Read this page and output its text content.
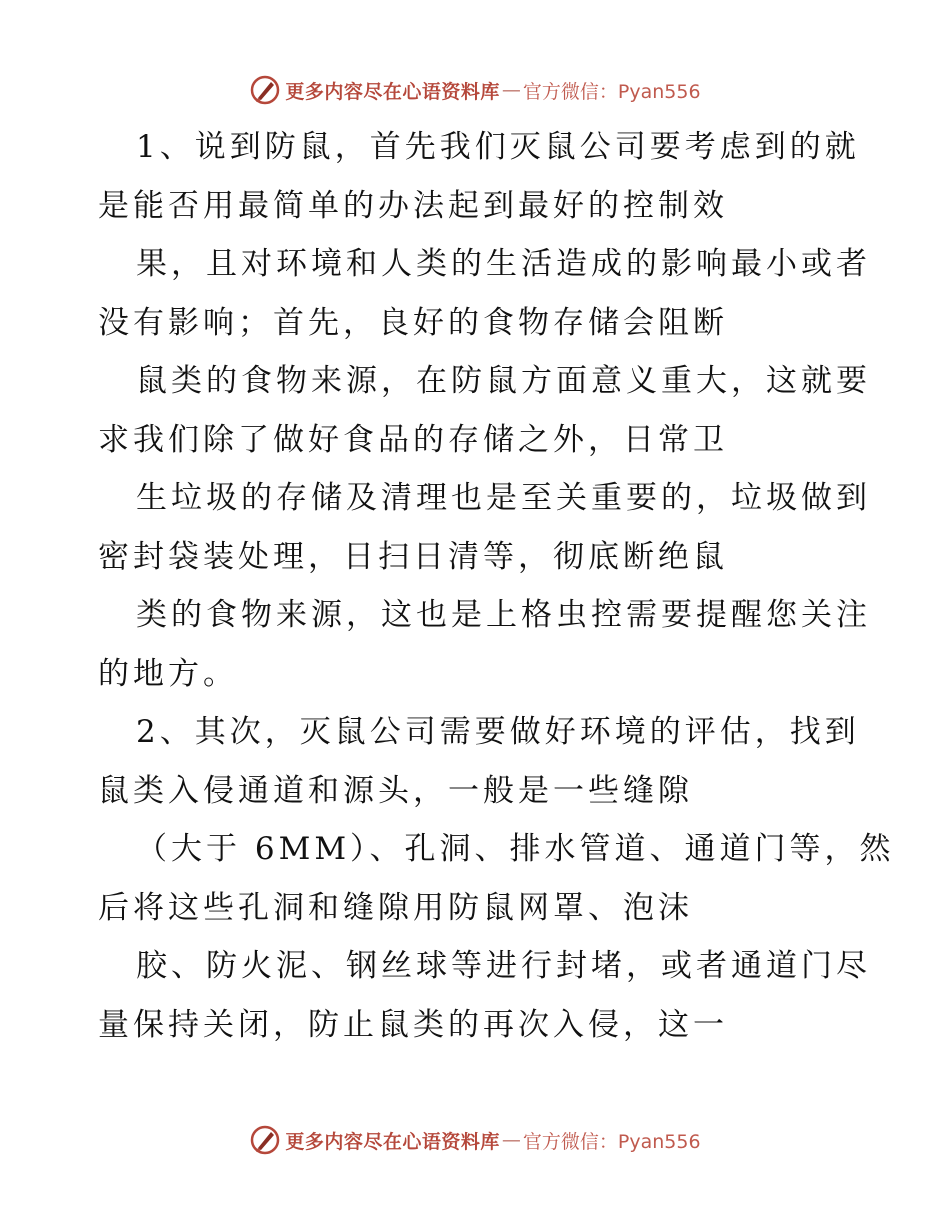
更多内容尽在心语资料库 — 官方微信：Pyan556
1、说到防鼠，首先我们灭鼠公司要考虑到的就
是能否用最简单的办法起到最好的控制效
果，且对环境和人类的生活造成的影响最小或者
没有影响；首先，良好的食物存储会阻断
鼠类的食物来源，在防鼠方面意义重大，这就要
求我们除了做好食品的存储之外，日常卫
生垃圾的存储及清理也是至关重要的，垃圾做到
密封袋装处理，日扫日清等，彻底断绝鼠
类的食物来源，这也是上格虫控需要提醒您关注
的地方。
2、其次，灭鼠公司需要做好环境的评估，找到
鼠类入侵通道和源头，一般是一些缝隙
（大于 6MM）、孔洞、排水管道、通道门等，然
后将这些孔洞和缝隙用防鼠网罩、泡沫
胶、防火泥、钢丝球等进行封堵，或者通道门尽
量保持关闭，防止鼠类的再次入侵，这一
更多内容尽在心语资料库 — 官方微信：Pyan556
